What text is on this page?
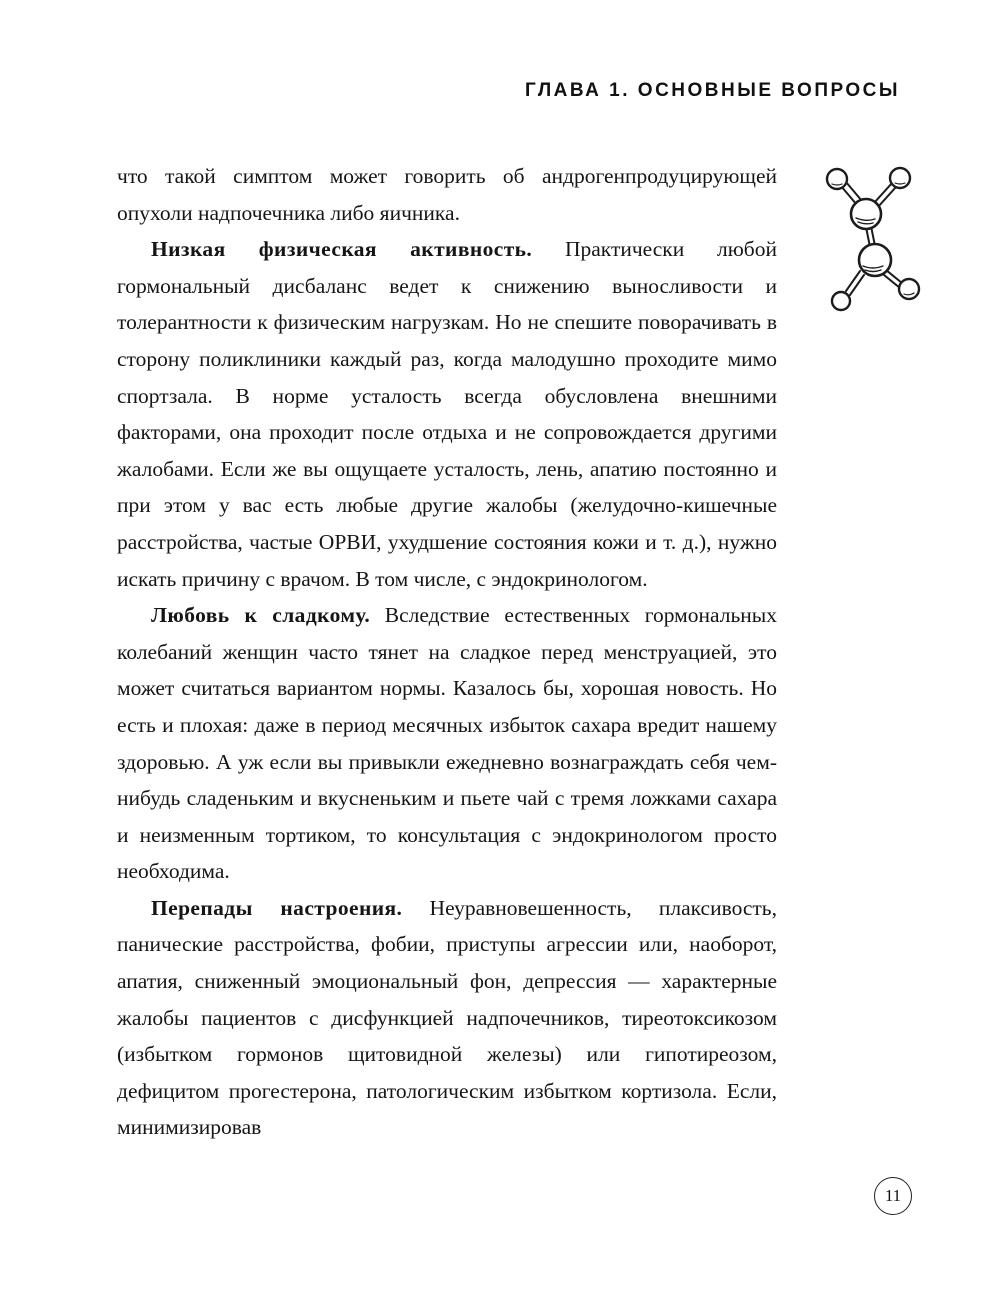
ГЛАВА 1. ОСНОВНЫЕ ВОПРОСЫ

что такой симптом может говорить об андрогенпродуцирующей опухоли надпочечника либо яичника.

Низкая физическая активность. Практически любой гормональный дисбаланс ведет к снижению выносливости и толерантности к физическим нагрузкам. Но не спешите поворачивать в сторону поликлиники каждый раз, когда малодушно проходите мимо спортзала. В норме усталость всегда обусловлена внешними факторами, она проходит после отдыха и не сопровождается другими жалобами. Если же вы ощущаете усталость, лень, апатию постоянно и при этом у вас есть любые другие жалобы (желудочно-кишечные расстройства, частые ОРВИ, ухудшение состояния кожи и т. д.), нужно искать причину с врачом. В том числе, с эндокринологом.

Любовь к сладкому. Вследствие естественных гормональных колебаний женщин часто тянет на сладкое перед менструацией, это может считаться вариантом нормы. Казалось бы, хорошая новость. Но есть и плохая: даже в период месячных избыток сахара вредит нашему здоровью. А уж если вы привыкли ежедневно вознаграждать себя чем-нибудь сладеньким и вкусненьким и пьете чай с тремя ложками сахара и неизменным тортиком, то консультация с эндокринологом просто необходима.

Перепады настроения. Неуравновешенность, плаксивость, панические расстройства, фобии, приступы агрессии или, наоборот, апатия, сниженный эмоциональный фон, депрессия — характерные жалобы пациентов с дисфункцией надпочечников, тиреотоксикозом (избытком гормонов щитовидной железы) или гипотиреозом, дефицитом прогестерона, патологическим избытком кортизола. Если, минимизировав

11
